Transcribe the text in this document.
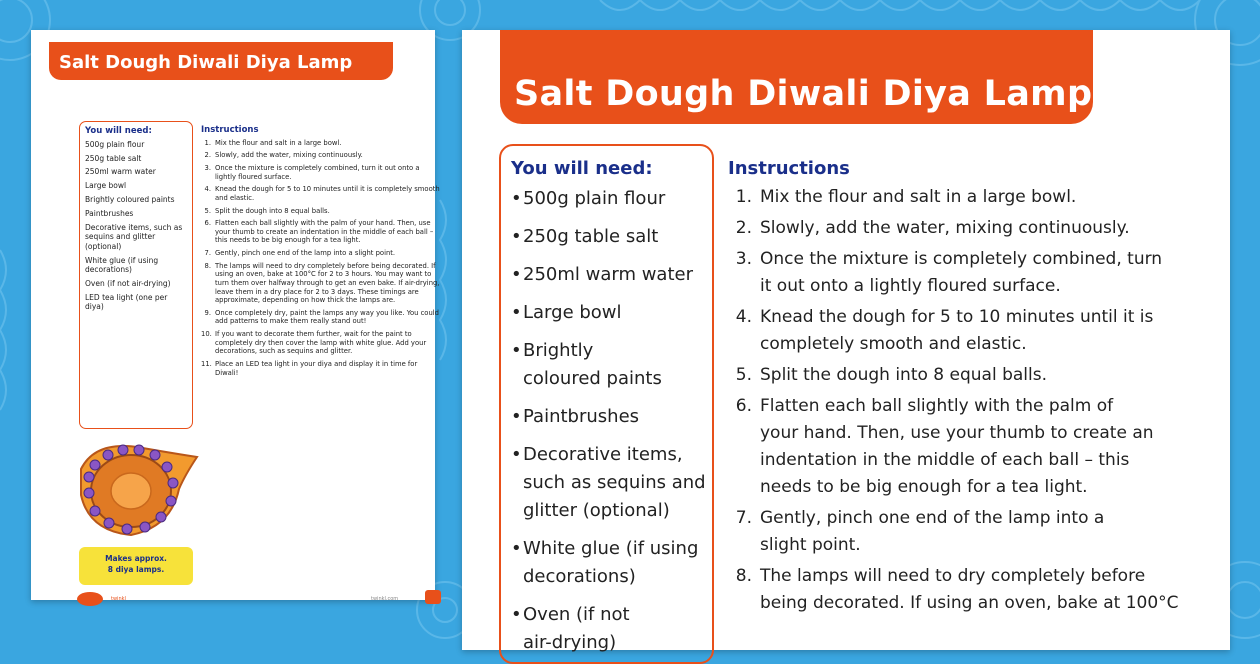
Salt Dough Diwali Diya Lamp
You will need:
500g plain flour
250g table salt
250ml warm water
Large bowl
Brightly coloured paints
Paintbrushes
Decorative items, such as sequins and glitter (optional)
White glue (if using decorations)
Oven (if not air-drying)
LED tea light (one per diya)
Instructions
1. Mix the flour and salt in a large bowl.
2. Slowly, add the water, mixing continuously.
3. Once the mixture is completely combined, turn it out onto a lightly floured surface.
4. Knead the dough for 5 to 10 minutes until it is completely smooth and elastic.
5. Split the dough into 8 equal balls.
6. Flatten each ball slightly with the palm of your hand. Then, use your thumb to create an indentation in the middle of each ball – this needs to be big enough for a tea light.
7. Gently, pinch one end of the lamp into a slight point.
8. The lamps will need to dry completely before being decorated. If using an oven, bake at 100°C for 2 to 3 hours. You may want to turn them over halfway through to get an even bake. If air-drying, leave them in a dry place for 2 to 3 days. These timings are approximate, depending on how thick the lamps are.
9. Once completely dry, paint the lamps any way you like. You could add patterns to make them really stand out!
10. If you want to decorate them further, wait for the paint to completely dry then cover the lamp with white glue. Add your decorations, such as sequins and glitter.
11. Place an LED tea light in your diya and display it in time for Diwali!
Makes approx.
8 diya lamps.
twinkl	twinkl.com
Salt Dough Diwali Diya Lamp
You will need:
• 500g plain flour
• 250g table salt
• 250ml warm water
• Large bowl
• Brightly
coloured paints
• Paintbrushes
• Decorative items,
such as sequins and
glitter (optional)
• White glue (if using
decorations)
• Oven (if not
air-drying)
Instructions
1. Mix the flour and salt in a large bowl.
2. Slowly, add the water, mixing continuously.
3. Once the mixture is completely combined, turn
it out onto a lightly floured surface.
4. Knead the dough for 5 to 10 minutes until it is
completely smooth and elastic.
5. Split the dough into 8 equal balls.
6. Flatten each ball slightly with the palm of
your hand. Then, use your thumb to create an
indentation in the middle of each ball – this
needs to be big enough for a tea light.
7. Gently, pinch one end of the lamp into a
slight point.
8. The lamps will need to dry completely before
being decorated. If using an oven, bake at 100°C
